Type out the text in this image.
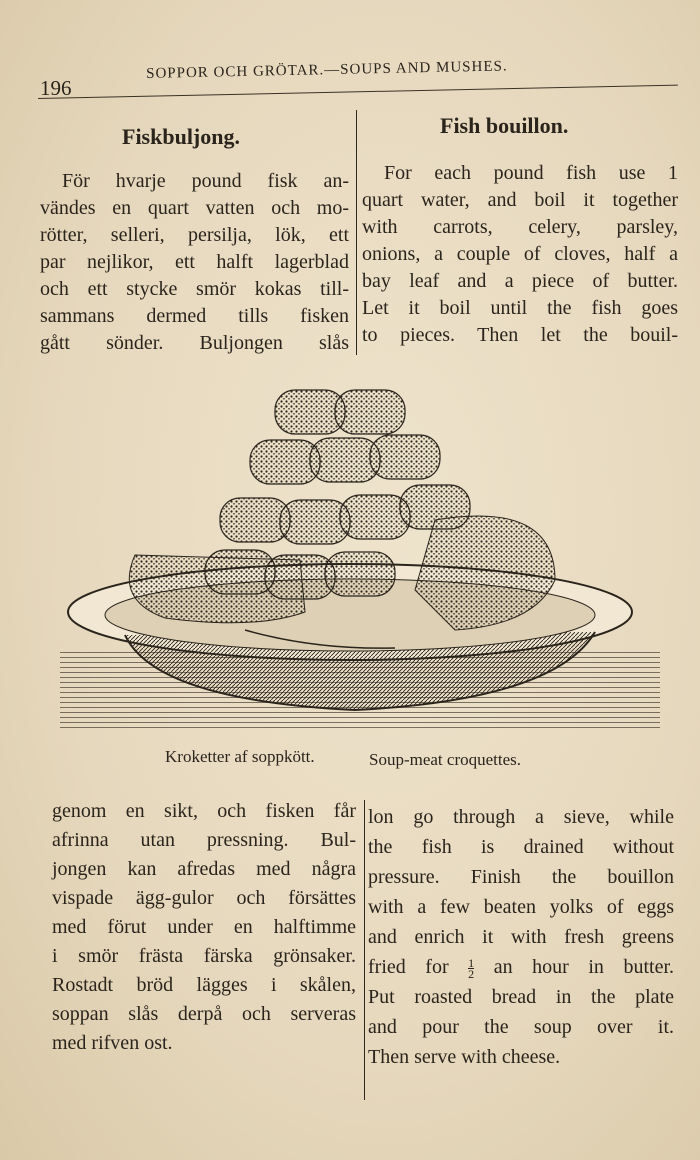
196
SOPPOR OCH GRÖTAR.—SOUPS AND MUSHES.
Fiskbuljong.	Fish bouillon.
För hvarje pound fisk an-
vändes en quart vatten och mo-
rötter, selleri, persilja, lök, ett
par nejlikor, ett halft lagerblad
och ett stycke smör kokas till-
sammans dermed tills fisken
gått sönder. Buljongen slås
For each pound fish use 1
quart water, and boil it together
with carrots, celery, parsley,
onions, a couple of cloves, half a
bay leaf and a piece of butter.
Let it boil until the fish goes
to pieces. Then let the bouil-
Kroketter af soppkött.	Soup-meat croquettes.
genom en sikt, och fisken får
afrinna utan pressning. Bul-
jongen kan afredas med några
vispade ägg-gulor och försättes
med förut under en halftimme
i smör frästa färska grönsaker.
Rostadt bröd lägges i skålen,
soppan slås derpå och serveras
med rifven ost.
lon go through a sieve, while
the fish is drained without
pressure. Finish the bouillon
with a few beaten yolks of eggs
and enrich it with fresh greens
fried for $\frac{1}{2}$ an hour in butter.
Put roasted bread in the plate
and pour the soup over it.
Then serve with cheese.
